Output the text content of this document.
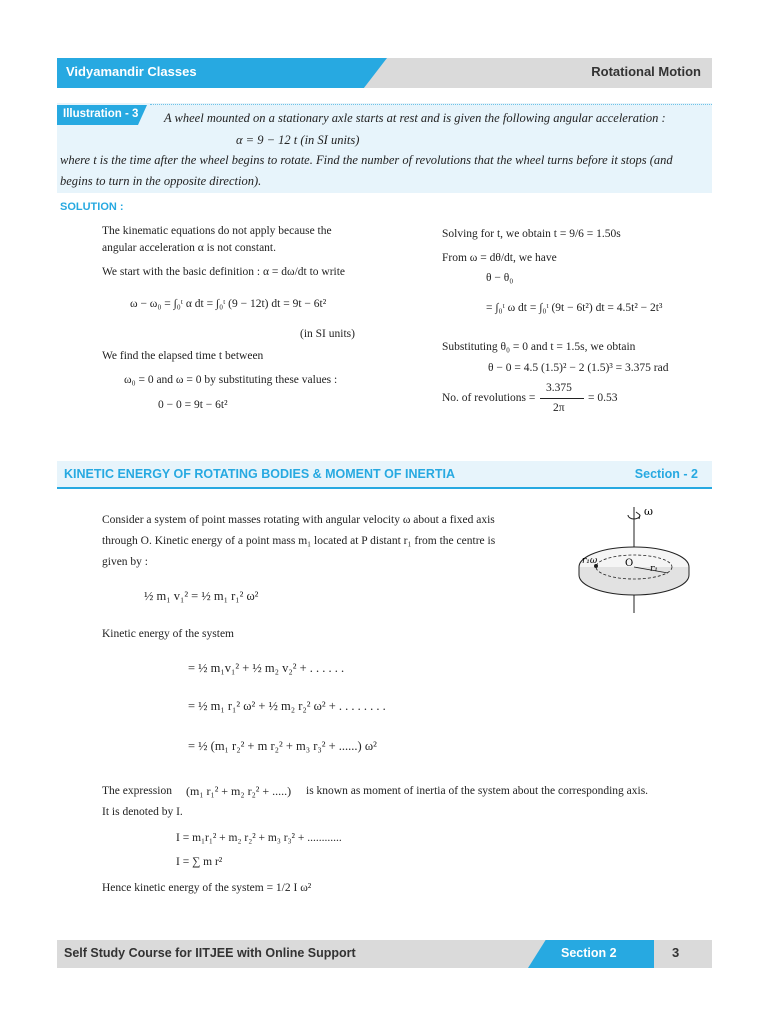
Vidyamandir Classes	Rotational Motion
Illustration - 3 A wheel mounted on a stationary axle starts at rest and is given the following angular acceleration :
α = 9 − 12 t (in SI units)
where t is the time after the wheel begins to rotate. Find the number of revolutions that the wheel turns before it stops (and
begins to turn in the opposite direction).
SOLUTION :
The kinematic equations do not apply because the
angular acceleration α is not constant.
We start with the basic definition : α = dω/dt to write
ω − ω₀ = ∫₀ᵗ α dt = ∫₀ᵗ (9 − 12t) dt = 9t − 6t²
(in SI units)
We find the elapsed time t between
ω₀ = 0 and ω = 0 by substituting these values :
0 − 0 = 9t − 6t²
Solving for t, we obtain t = 9/6 = 1.50s
From ω = dθ/dt, we have
θ − θ₀
= ∫₀ᵗ ω dt = ∫₀ᵗ (9t − 6t²) dt = 4.5t² − 2t³
Substituting θ₀ = 0 and t = 1.5s, we obtain
θ − 0 = 4.5 (1.5)² − 2 (1.5)³ = 3.375 rad
No. of revolutions =
3.375
2π
= 0.53
KINETIC ENERGY OF ROTATING BODIES & MOMENT OF INERTIA	Section - 2
Consider a system of point masses rotating with angular velocity ω about a fixed axis
through O. Kinetic energy of a point mass m₁ located at P distant r₁ from the centre is
given by :
½ m₁ v₁² = ½ m₁ r₁² ω²
Kinetic energy of the system
= ½ m₁v₁² + ½ m₂ v₂² + . . . . . .
= ½ m₁ r₁² ω² + ½ m₂ r₂² ω² + . . . . . . . .
= ½ (m₁ r₂² + m r₂² + m₃ r₃² + ......) ω²
The expression (m₁ r₁² + m₂ r₂² + .....) is known as moment of inertia of the system about the corresponding axis.
It is denoted by I.
I = m₁r₁² + m₂ r₂² + m₃ r₃² + ............
I = ∑ m r²
Hence kinetic energy of the system = 1/2 I ω²
ω
O r₁
r₁ω
Self Study Course for IITJEE with Online Support	Section 2	3
